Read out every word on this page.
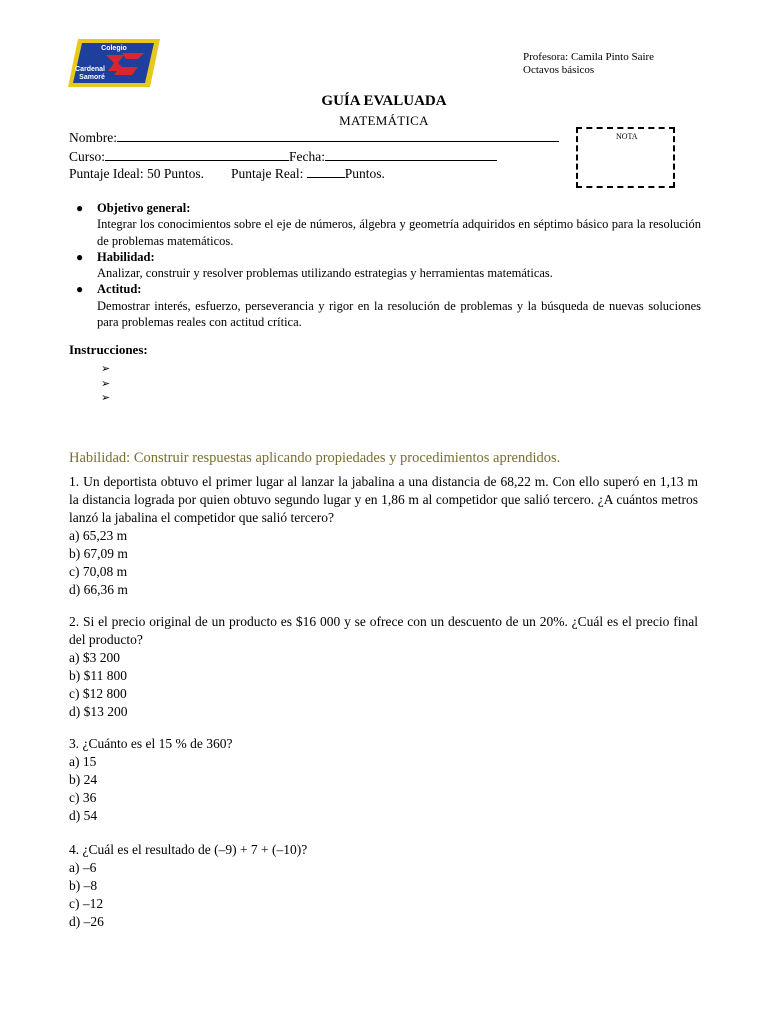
Colegio
Cardenal
Samoré
Profesora: Camila Pinto Saire
Octavos básicos
GUÍA EVALUADA
MATEMÁTICA
Nombre:
Curso:	Fecha:
Puntaje Ideal: 50 Puntos. Puntaje Real:	Puntos.
NOTA
● Objetivo general:
Integrar los conocimientos sobre el eje de números, álgebra y geometría adquiridos en séptimo básico para la resolución de problemas matemáticos.
● Habilidad:
Analizar, construir y resolver problemas utilizando estrategias y herramientas matemáticas.
● Actitud:
Demostrar interés, esfuerzo, perseverancia y rigor en la resolución de problemas y la búsqueda de nuevas soluciones para problemas reales con actitud crítica.
Instrucciones:
➢
➢
➢
Habilidad: Construir respuestas aplicando propiedades y procedimientos aprendidos.
1. Un deportista obtuvo el primer lugar al lanzar la jabalina a una distancia de 68,22 m. Con ello superó en 1,13 m la distancia lograda por quien obtuvo segundo lugar y en 1,86 m al competidor que salió tercero. ¿A cuántos metros lanzó la jabalina el competidor que salió tercero?
a) 65,23 m
b) 67,09 m
c) 70,08 m
d) 66,36 m
2. Si el precio original de un producto es $16 000 y se ofrece con un descuento de un 20%. ¿Cuál es el precio final del producto?
a) $3 200
b) $11 800
c) $12 800
d) $13 200
3. ¿Cuánto es el 15 % de 360?
a) 15
b) 24
c) 36
d) 54
4. ¿Cuál es el resultado de (–9) + 7 + (–10)?
a) –6
b) –8
c) –12
d) –26
